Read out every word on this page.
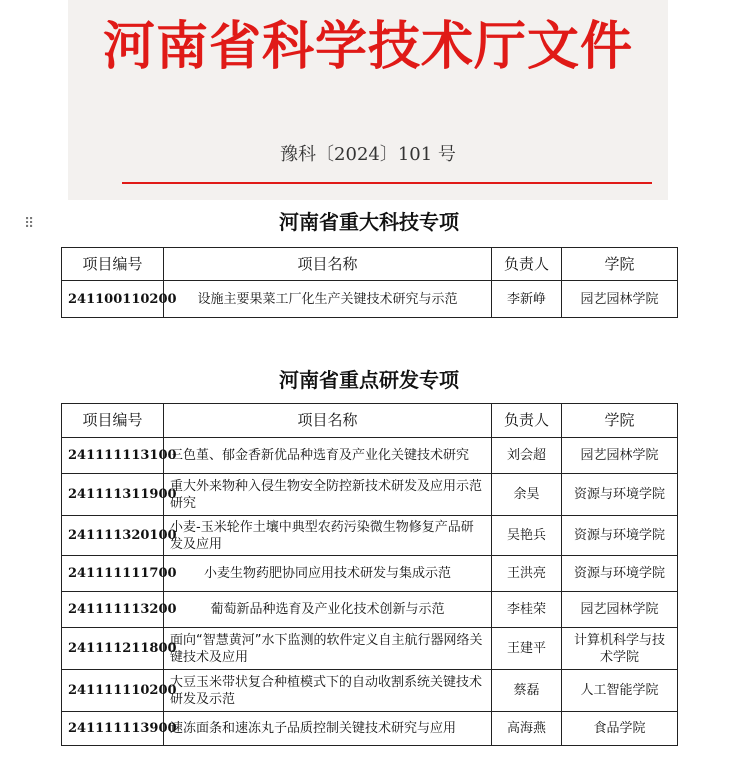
河南省科学技术厅文件
豫科〔2024〕101 号
⠿	河南省重大科技专项
项目编号	项目名称	负责人	学院
241100110200	设施主要果菜工厂化生产关键技术研究与示范	李新峥	园艺园林学院
河南省重点研发专项
项目编号	项目名称	负责人	学院
241111113100	三色堇、郁金香新优品种选育及产业化关键技术研究	刘会超	园艺园林学院
241111311900	重大外来物种入侵生物安全防控新技术研发及应用示范研究	余昊	资源与环境学院
241111320100	小麦-玉米轮作土壤中典型农药污染微生物修复产品研发及应用	吴艳兵	资源与环境学院
241111111700	小麦生物药肥协同应用技术研发与集成示范	王洪亮	资源与环境学院
241111113200	葡萄新品种选育及产业化技术创新与示范	李桂荣	园艺园林学院
241111211800	面向“智慧黄河”水下监测的软件定义自主航行器网络关键技术及应用	王建平	计算机科学与技术学院
241111110200	大豆玉米带状复合种植模式下的自动收割系统关键技术研发及示范	蔡磊	人工智能学院
241111113900	速冻面条和速冻丸子品质控制关键技术研究与应用	高海燕	食品学院
